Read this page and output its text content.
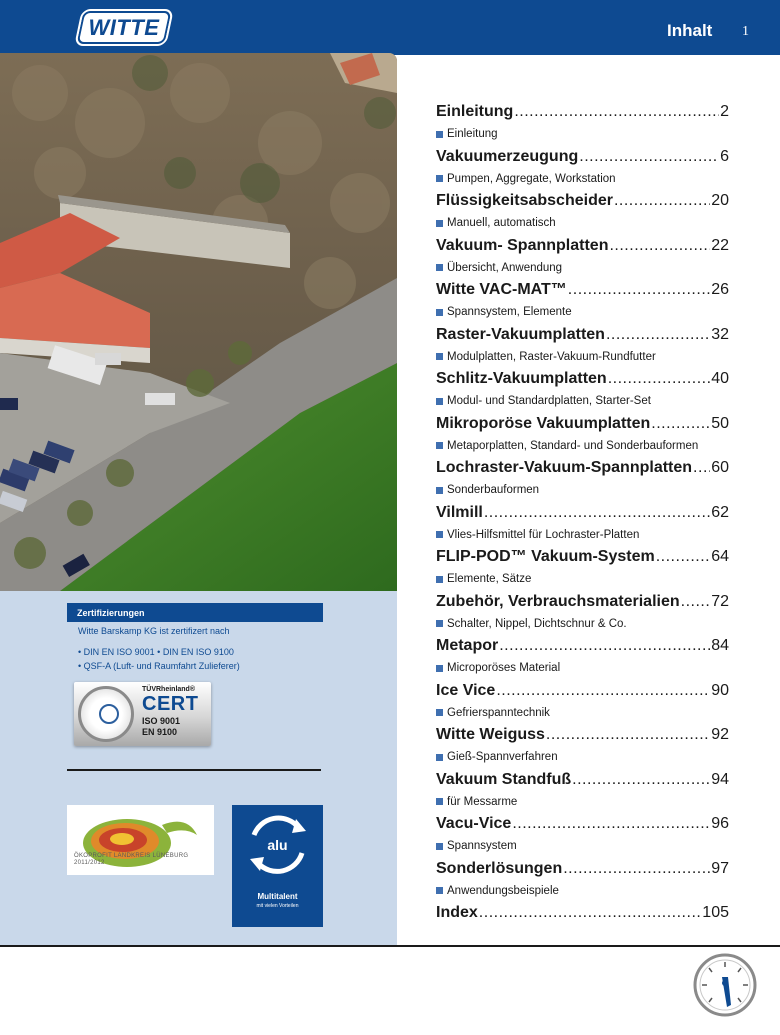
WITTE	Inhalt 1
Zertifizierungen
Witte Barskamp KG ist zertifizert nach
• DIN EN ISO 9001 • DIN EN ISO 9100
• QSF-A (Luft- und Raumfahrt Zulieferer)
TÜVRheinland®
CERT
ISO 9001
EN 9100
ÖKOPROFIT LANDKREIS LÜNEBURG 2011/2012
alu
Multitalent
mit vielen Vorteilen
Einleitung .....	2
Einleitung
Vakuumerzeugung .....	6
Pumpen, Aggregate, Workstation
Flüssigkeitsabscheider .....	20
Manuell, automatisch
Vakuum- Spannplatten .....	22
Übersicht, Anwendung
Witte VAC-MAT™ .....	26
Spannsystem, Elemente
Raster-Vakuumplatten .....	32
Modulplatten, Raster-Vakuum-Rundfutter
Schlitz-Vakuumplatten .....	40
Modul- und Standardplatten, Starter-Set
Mikroporöse Vakuumplatten .....	50
Metaporplatten, Standard- und Sonderbauformen
Lochraster-Vakuum-Spannplatten ..... 60
Sonderbauformen
Vilmill .....	62
Vlies-Hilfsmittel für Lochraster-Platten
FLIP-POD™ Vakuum-System .....	64
Elemente, Sätze
Zubehör, Verbrauchsmaterialien ..... 72
Schalter, Nippel, Dichtschnur & Co.
Metapor .....	84
Microporöses Material
Ice Vice .....	90
Gefrierspanntechnik
Witte Weiguss .....	92
Gieß-Spannverfahren
Vakuum Standfuß .....	94
für Messarme
Vacu-Vice .....	96
Spannsystem
Sonderlösungen .....	97
Anwendungsbeispiele
Index .....	105
